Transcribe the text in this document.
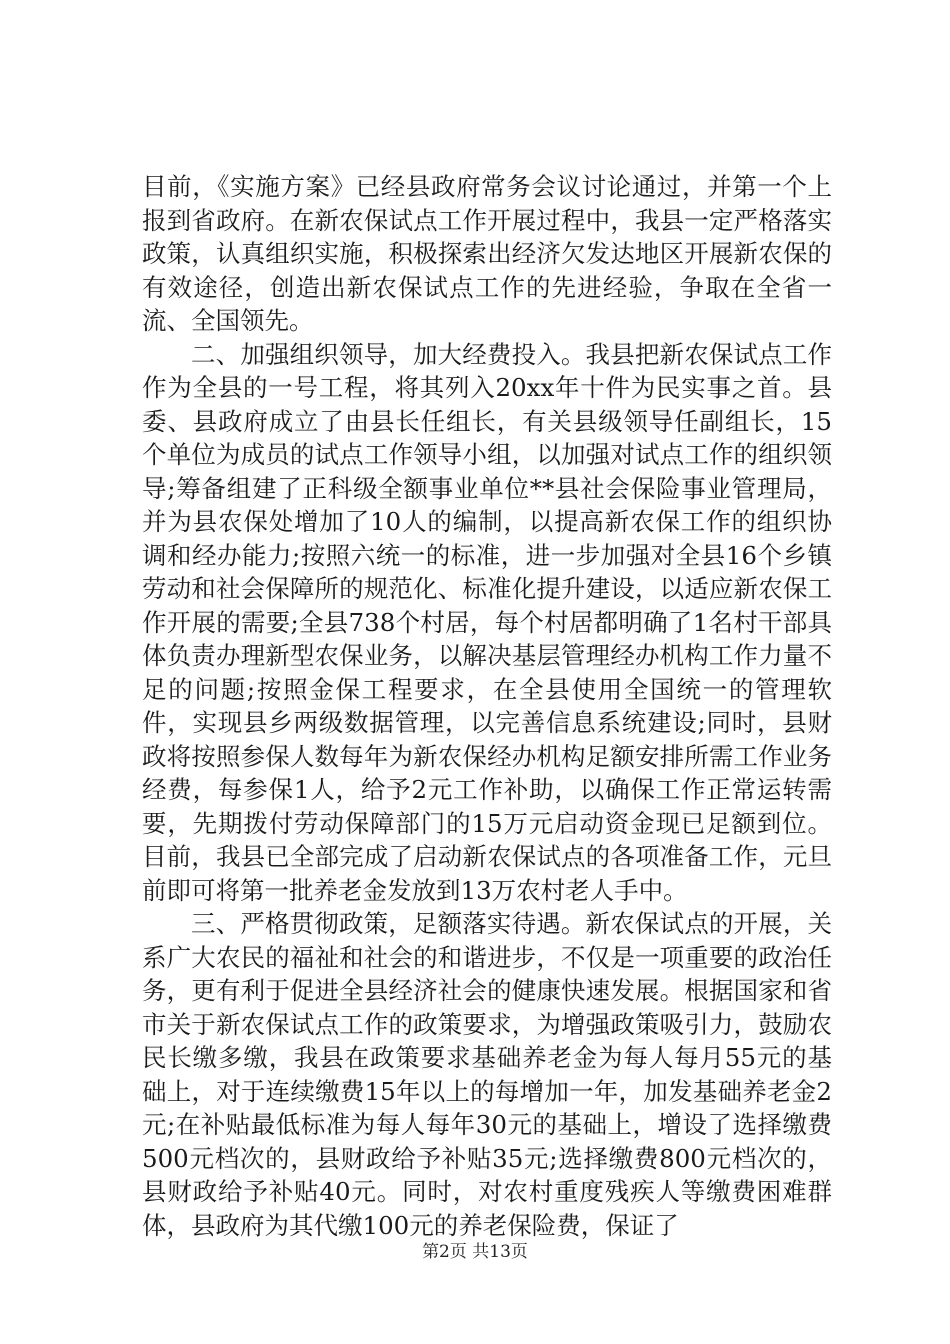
目前，《实施方案》已经县政府常务会议讨论通过，并第一个上报到省政府。在新农保试点工作开展过程中，我县一定严格落实政策，认真组织实施，积极探索出经济欠发达地区开展新农保的有效途径，创造出新农保试点工作的先进经验，争取在全省一流、全国领先。

二、加强组织领导，加大经费投入。我县把新农保试点工作作为全县的一号工程，将其列入20xx年十件为民实事之首。县委、县政府成立了由县长任组长，有关县级领导任副组长，15个单位为成员的试点工作领导小组，以加强对试点工作的组织领导;筹备组建了正科级全额事业单位**县社会保险事业管理局，并为县农保处增加了10人的编制，以提高新农保工作的组织协调和经办能力;按照六统一的标准，进一步加强对全县16个乡镇劳动和社会保障所的规范化、标准化提升建设，以适应新农保工作开展的需要;全县738个村居，每个村居都明确了1名村干部具体负责办理新型农保业务，以解决基层管理经办机构工作力量不足的问题;按照金保工程要求，在全县使用全国统一的管理软件，实现县乡两级数据管理，以完善信息系统建设;同时，县财政将按照参保人数每年为新农保经办机构足额安排所需工作业务经费，每参保1人，给予2元工作补助，以确保工作正常运转需要，先期拨付劳动保障部门的15万元启动资金现已足额到位。目前，我县已全部完成了启动新农保试点的各项准备工作，元旦前即可将第一批养老金发放到13万农村老人手中。

三、严格贯彻政策，足额落实待遇。新农保试点的开展，关系广大农民的福祉和社会的和谐进步，不仅是一项重要的政治任务，更有利于促进全县经济社会的健康快速发展。根据国家和省市关于新农保试点工作的政策要求，为增强政策吸引力，鼓励农民长缴多缴，我县在政策要求基础养老金为每人每月55元的基础上，对于连续缴费15年以上的每增加一年，加发基础养老金2元;在补贴最低标准为每人每年30元的基础上，增设了选择缴费500元档次的，县财政给予补贴35元;选择缴费800元档次的，县财政给予补贴40元。同时，对农村重度残疾人等缴费困难群体，县政府为其代缴100元的养老保险费，保证了

第2页 共13页
